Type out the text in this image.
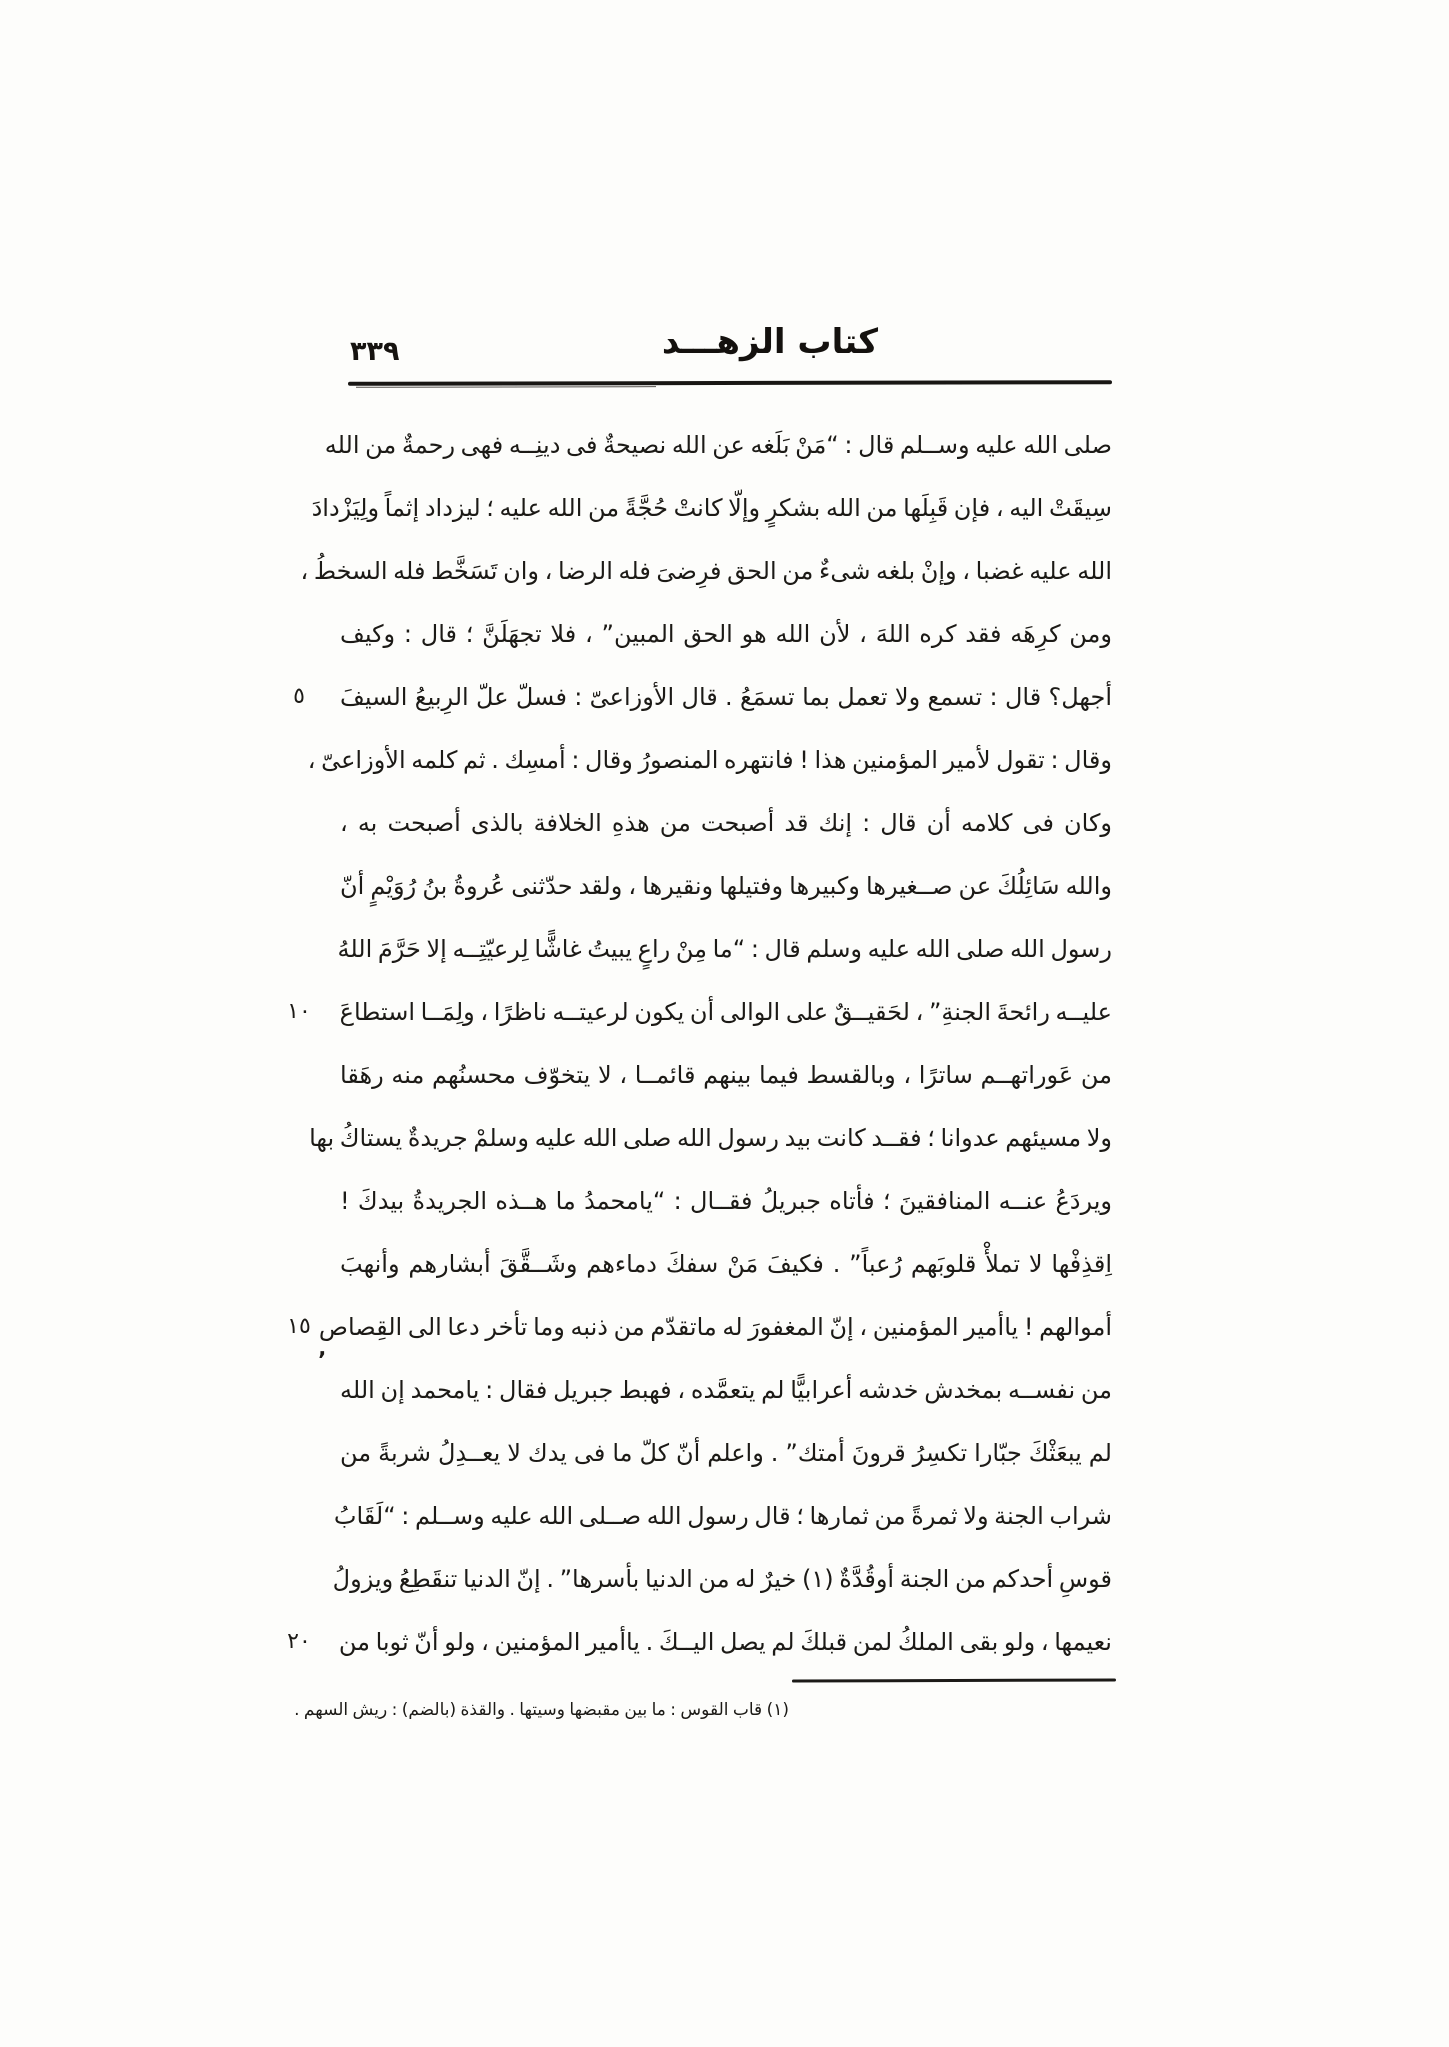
٣٣٩	كتاب الزهـــد

صلى الله عليه وســلم قال : “مَنْ بَلَغه عن الله نصيحةٌ فى دينِــه فهى رحمةٌ من الله

سِيقَتْ اليه ، فإن قَبِلَها من الله بشكرٍ وإلّا كانتْ حُجَّةً من الله عليه ؛ ليزداد إثماً ولِيَزْدادَ

الله عليه غضبا ، وإنْ بلغه شىءٌ من الحق فرِضىَ فله الرضا ، وان تَسَخَّط فله السخطُ ،

ومن كرِهَه فقد كره اللهَ ، لأن الله هو الحق المبين” ، فلا تجهَلَنَّ ؛ قال : وكيف

أجهل؟ قال : تسمع ولا تعمل بما تسمَعُ . قال الأوزاعىّ : فسلّ علّ الرِبيعُ السيفَ

وقال : تقول لأمير المؤمنين هذا ! فانتهره المنصورُ وقال : أمسِك . ثم كلمه الأوزاعىّ ،

وكان فى كلامه أن قال : إنك قد أصبحت من هذهِ الخلافة بالذى أصبحت به ،

والله سَائِلُكَ عن صــغيرها وكبيرها وفتيلها ونقيرها ، ولقد حدّثنى عُروةُ بنُ رُوَيْمٍ أنّ

رسول الله صلى الله عليه وسلم قال : “ما مِنْ راعٍ يبيتُ غاشًّا لِرعيّتِــه إلا حَرَّمَ اللهُ

عليــه رائحةَ الجنةِ” ، لحَقيــقٌ على الوالى أن يكون لرعيتــه ناظرًا ، ولِمَــا استطاعَ

من عَوراتهــم ساترًا ، وبالقسط فيما بينهم قائمــا ، لا يتخوّف محسنُهم منه رهَقا

ولا مسيئهم عدوانا ؛ فقــد كانت بيد رسول الله صلى الله عليه وسلمْ جريدةٌ يستاكُ بها

ويردَعُ عنــه المنافقينَ ؛ فأتاه جبريلُ فقــال : “يامحمدُ ما هــذه الجريدةُ بيدكَ !

اِقذِفْها لا تملأْ قلوبَهم رُعباً” . فكيفَ مَنْ سفكَ دماءهم وشَــقَّقَ أبشارهم وأنهبَ

أموالهم ! ياأمير المؤمنين ، إنّ المغفورَ له ماتقدّم من ذنبه وما تأخر دعا الى القِصاص

من نفســه بمخدش خدشه أعرابيًّا لم يتعمَّده ، فهبط جبريل فقال : يامحمد إن الله

لم يبعَثْكَ جبّارا تكسِرُ قرونَ أمتك” . واعلم أنّ كلّ ما فى يدك لا يعــدِلُ شربةً من

شراب الجنة ولا ثمرةً من ثمارها ؛ قال رسول الله صــلى الله عليه وســلم : “لَقَابُ

قوسِ أحدكم من الجنة أوقُدَّةٌ (١) خيرٌ له من الدنيا بأسرها” . إنّ الدنيا تنقَطِعُ ويزولُ

نعيمها ، ولو بقى الملكُ لمن قبلكَ لم يصل اليــكَ . ياأمير المؤمنين ، ولو أنّ ثوبا من

٥
١٠
١٥
٢٠
٬

(١) قاب القوس : ما بين مقبضها وسيتها . والقذة (بالضم) : ريش السهم .
